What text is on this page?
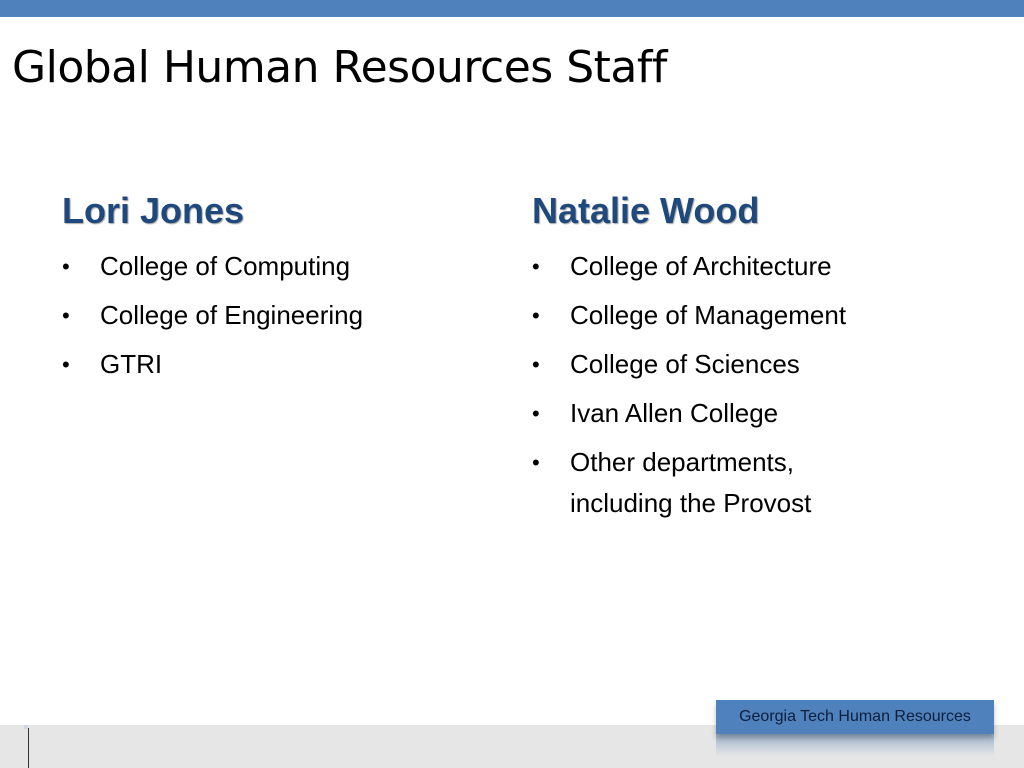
Global Human Resources Staff
Lori Jones
• College of Computing
• College of Engineering
• GTRI
Natalie Wood
• College of Architecture
• College of Management
• College of Sciences
• Ivan Allen College
• Other departments, including the Provost
Georgia Tech Human Resources
